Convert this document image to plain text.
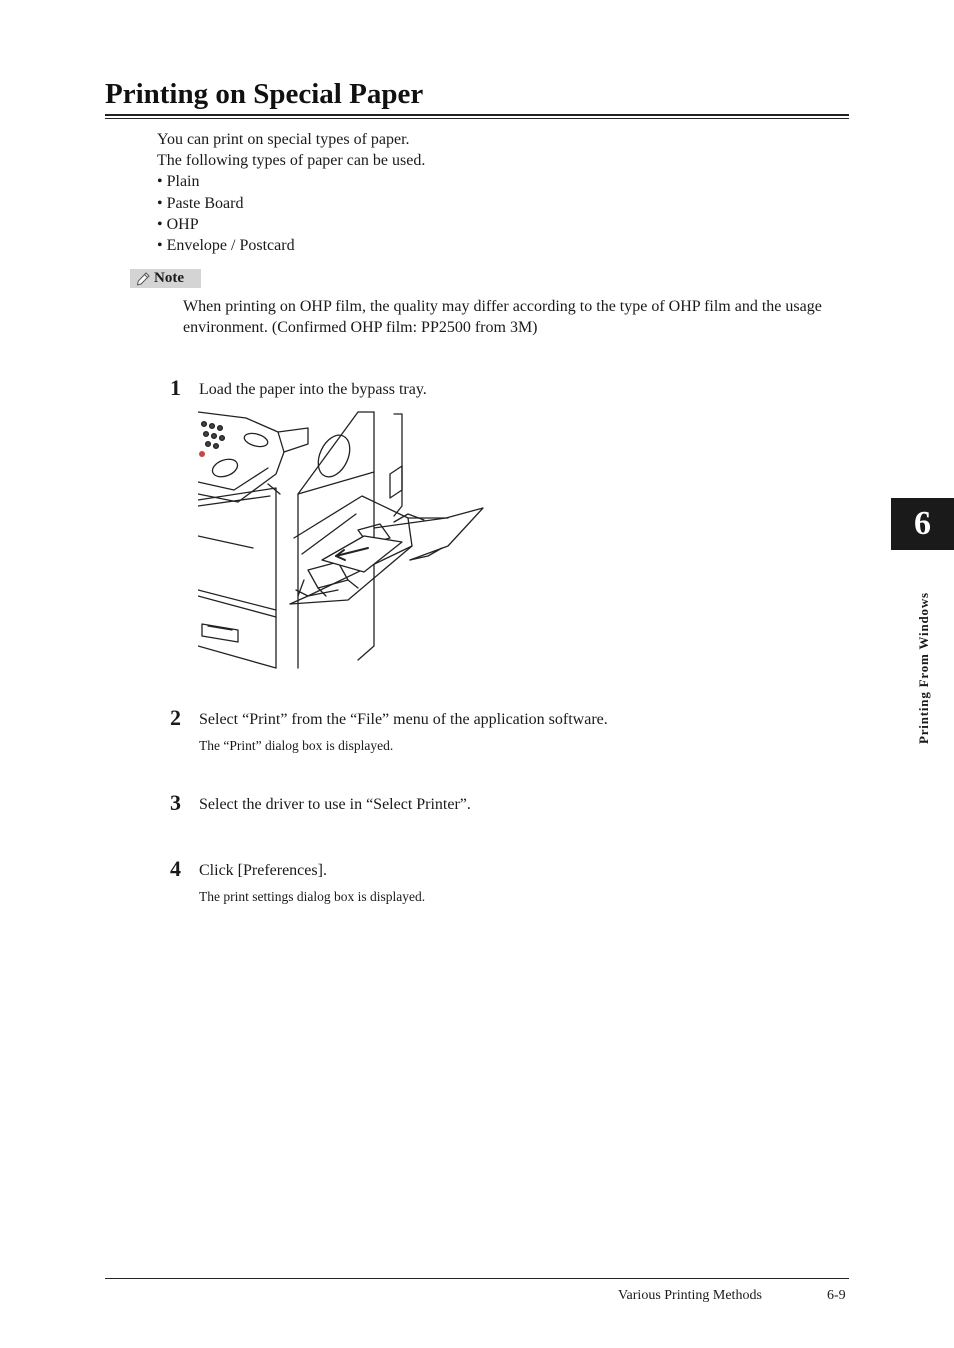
Printing on Special Paper

You can print on special types of paper.

The following types of paper can be used.

• Plain
• Paste Board
• OHP
• Envelope / Postcard
Note

When printing on OHP film, the quality may differ according to the type of OHP film and the usage environment. (Confirmed OHP film: PP2500 from 3M)

1	Load the paper into the bypass tray.
2	Select “Print” from the “File” menu of the application software.
The “Print” dialog box is displayed.
3	Select the driver to use in “Select Printer”.
4	Click [Preferences].
The print settings dialog box is displayed.
6
Printing From Windows
Various Printing Methods	6-9
